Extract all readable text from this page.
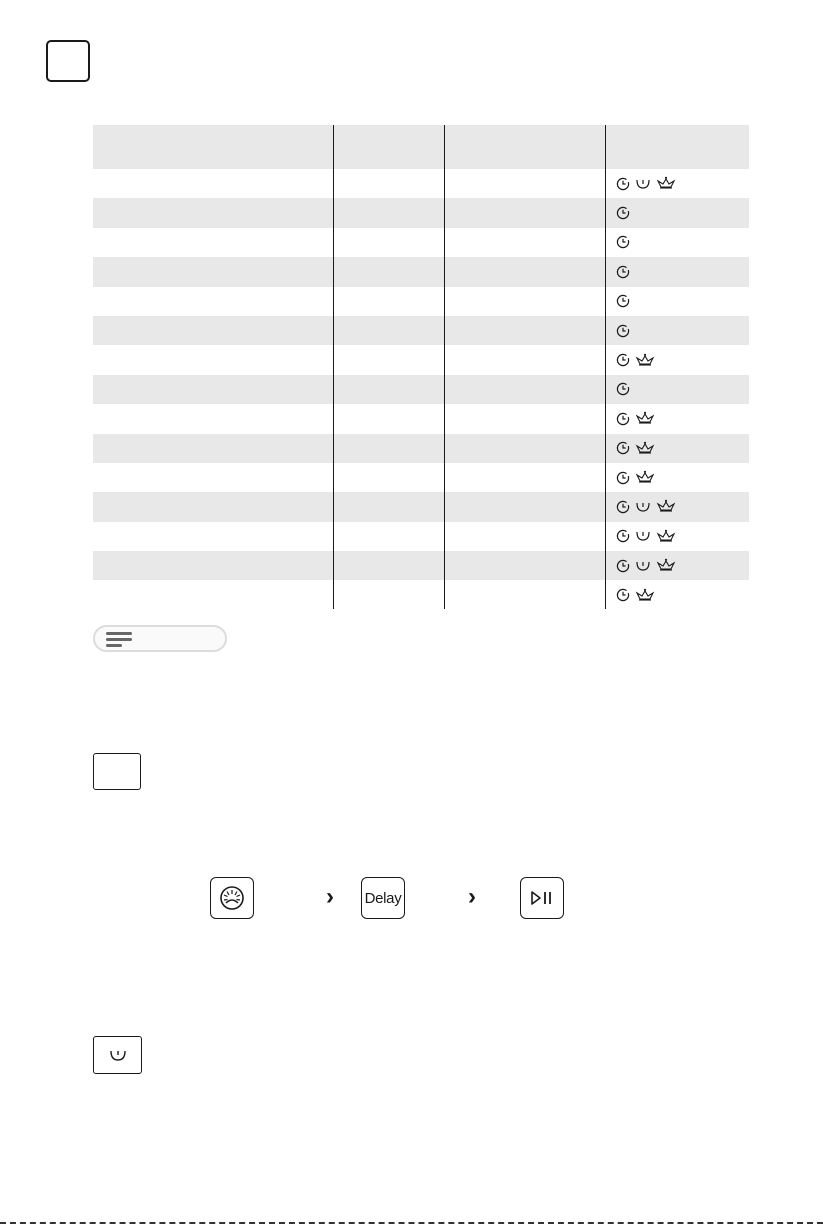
› Delay	›
